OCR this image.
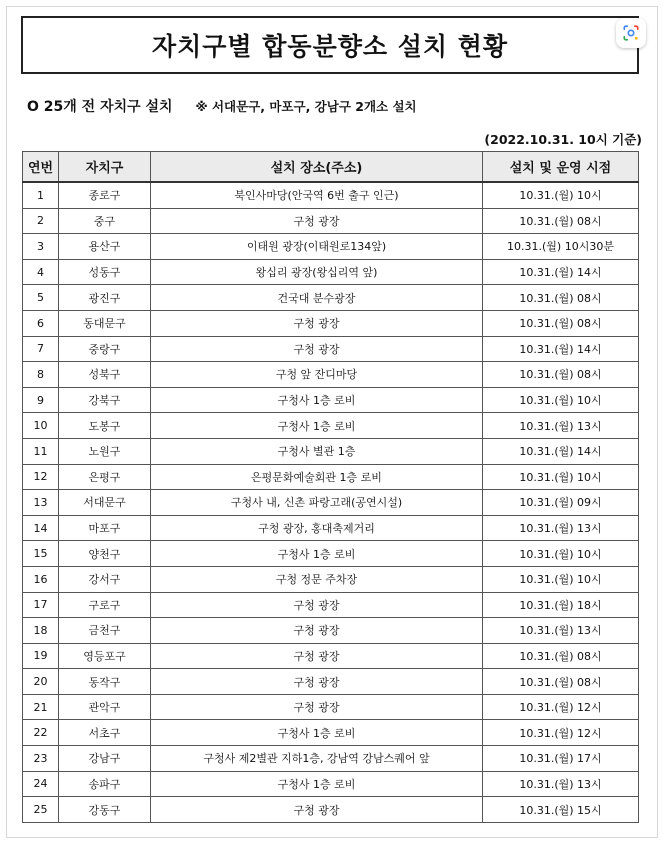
자치구별 합동분향소 설치 현황
O 25개 전 자치구 설치 ※ 서대문구, 마포구, 강남구 2개소 설치
(2022.10.31. 10시 기준)
연번	자치구	설치 장소(주소)	설치 및 운영 시점
1	종로구	북인사마당(안국역 6번 출구 인근)	10.31.(월) 10시
2	중구	구청 광장	10.31.(월) 08시
3	용산구	이태원 광장(이태원로134앞)	10.31.(월) 10시30분
4	성동구	왕십리 광장(왕십리역 앞)	10.31.(월) 14시
5	광진구	건국대 분수광장	10.31.(월) 08시
6	동대문구	구청 광장	10.31.(월) 08시
7	중랑구	구청 광장	10.31.(월) 14시
8	성북구	구청 앞 잔디마당	10.31.(월) 08시
9	강북구	구청사 1층 로비	10.31.(월) 10시
10	도봉구	구청사 1층 로비	10.31.(월) 13시
11	노원구	구청사 별관 1층	10.31.(월) 14시
12	은평구	은평문화예술회관 1층 로비	10.31.(월) 10시
13	서대문구	구청사 내, 신촌 파랑고래(공연시설)	10.31.(월) 09시
14	마포구	구청 광장, 홍대축제거리	10.31.(월) 13시
15	양천구	구청사 1층 로비	10.31.(월) 10시
16	강서구	구청 정문 주차장	10.31.(월) 10시
17	구로구	구청 광장	10.31.(월) 18시
18	금천구	구청 광장	10.31.(월) 13시
19	영등포구	구청 광장	10.31.(월) 08시
20	동작구	구청 광장	10.31.(월) 08시
21	관악구	구청 광장	10.31.(월) 12시
22	서초구	구청사 1층 로비	10.31.(월) 12시
23	강남구	구청사 제2별관 지하1층, 강남역 강남스퀘어 앞	10.31.(월) 17시
24	송파구	구청사 1층 로비	10.31.(월) 13시
25	강동구	구청 광장	10.31.(월) 15시
